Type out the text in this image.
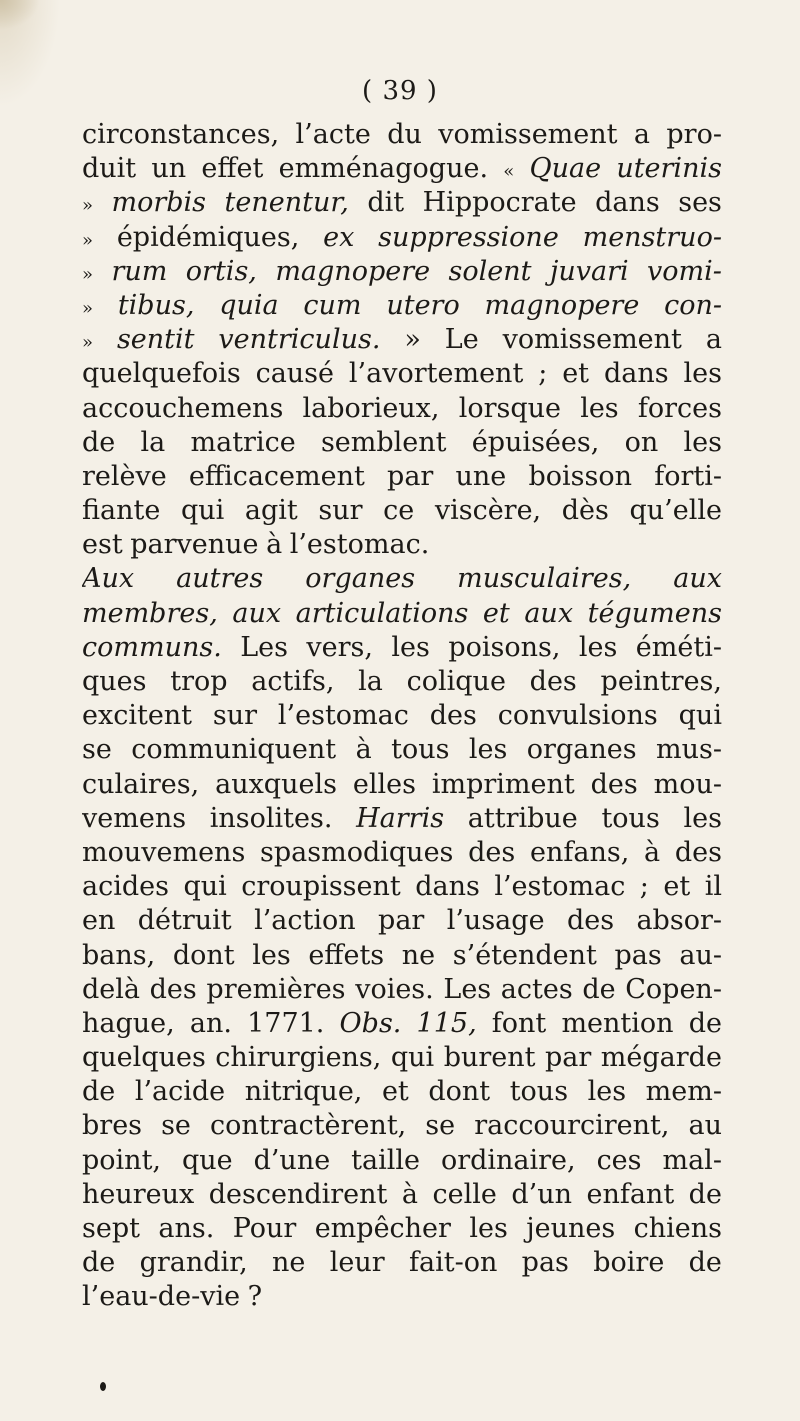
( 39 )
circonstances, l’acte du vomissement a pro-
duit un effet emménagogue. « Quae uterinis
» morbis tenentur, dit Hippocrate dans ses
» épidémiques, ex suppressione menstruo-
» rum ortis, magnopere solent juvari vomi-
» tibus, quia cum utero magnopere con-
» sentit ventriculus. » Le vomissement a
quelquefois causé l’avortement ; et dans les
accouchemens laborieux, lorsque les forces
de la matrice semblent épuisées, on les
relève efficacement par une boisson forti-
fiante qui agit sur ce viscère, dès qu’elle
est parvenue à l’estomac.
Aux autres organes musculaires, aux
membres, aux articulations et aux tégumens
communs. Les vers, les poisons, les éméti-
ques trop actifs, la colique des peintres,
excitent sur l’estomac des convulsions qui
se communiquent à tous les organes mus-
culaires, auxquels elles impriment des mou-
vemens insolites. Harris attribue tous les
mouvemens spasmodiques des enfans, à des
acides qui croupissent dans l’estomac ; et il
en détruit l’action par l’usage des absor-
bans, dont les effets ne s’étendent pas au-
delà des premières voies. Les actes de Copen-
hague, an. 1771. Obs. 115, font mention de
quelques chirurgiens, qui burent par mégarde
de l’acide nitrique, et dont tous les mem-
bres se contractèrent, se raccourcirent, au
point, que d’une taille ordinaire, ces mal-
heureux descendirent à celle d’un enfant de
sept ans. Pour empêcher les jeunes chiens
de grandir, ne leur fait-on pas boire de
l’eau-de-vie ?
